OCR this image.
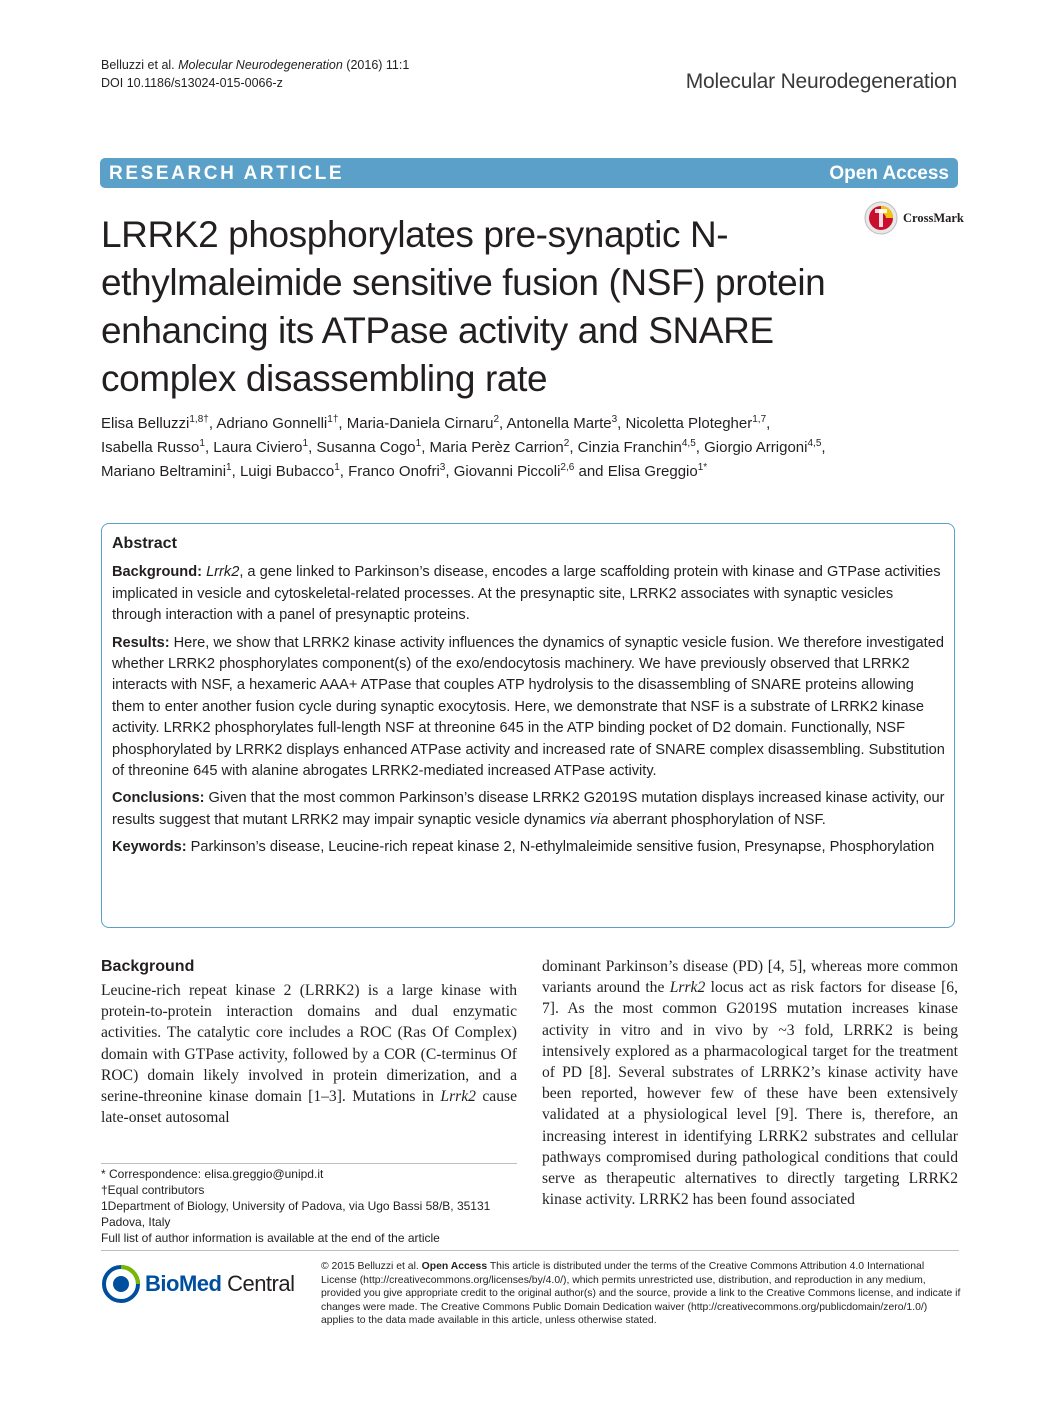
Belluzzi et al. Molecular Neurodegeneration (2016) 11:1
DOI 10.1186/s13024-015-0066-z	Molecular Neurodegeneration
RESEARCH ARTICLE	Open Access
CrossMark
LRRK2 phosphorylates pre-synaptic N-ethylmaleimide sensitive fusion (NSF) protein enhancing its ATPase activity and SNARE complex disassembling rate
Elisa Belluzzi$^{1,8\dagger}$, Adriano Gonnelli$^{1\dagger}$, Maria-Daniela Cirnaru$^2$, Antonella Marte$^3$, Nicoletta Plotegher$^{1,7}$,
Isabella Russo$^1$, Laura Civiero$^1$, Susanna Cogo$^1$, Maria Perèz Carrion$^2$, Cinzia Franchin$^{4,5}$, Giorgio Arrigoni$^{4,5}$,
Mariano Beltramini$^1$, Luigi Bubacco$^1$, Franco Onofri$^3$, Giovanni Piccoli$^{2,6}$ and Elisa Greggio$^{1*}$
Abstract

Background: Lrrk2, a gene linked to Parkinson’s disease, encodes a large scaffolding protein with kinase and GTPase activities implicated in vesicle and cytoskeletal-related processes. At the presynaptic site, LRRK2 associates with synaptic vesicles through interaction with a panel of presynaptic proteins.

Results: Here, we show that LRRK2 kinase activity influences the dynamics of synaptic vesicle fusion. We therefore investigated whether LRRK2 phosphorylates component(s) of the exo/endocytosis machinery. We have previously observed that LRRK2 interacts with NSF, a hexameric AAA+ ATPase that couples ATP hydrolysis to the disassembling of SNARE proteins allowing them to enter another fusion cycle during synaptic exocytosis. Here, we demonstrate that NSF is a substrate of LRRK2 kinase activity. LRRK2 phosphorylates full-length NSF at threonine 645 in the ATP binding pocket of D2 domain. Functionally, NSF phosphorylated by LRRK2 displays enhanced ATPase activity and increased rate of SNARE complex disassembling. Substitution of threonine 645 with alanine abrogates LRRK2-mediated increased ATPase activity.

Conclusions: Given that the most common Parkinson’s disease LRRK2 G2019S mutation displays increased kinase activity, our results suggest that mutant LRRK2 may impair synaptic vesicle dynamics via aberrant phosphorylation of NSF.

Keywords: Parkinson’s disease, Leucine-rich repeat kinase 2, N-ethylmaleimide sensitive fusion, Presynapse, Phosphorylation

Background

Leucine-rich repeat kinase 2 (LRRK2) is a large kinase with protein-to-protein interaction domains and dual enzymatic activities. The catalytic core includes a ROC (Ras Of Complex) domain with GTPase activity, followed by a COR (C-terminus Of ROC) domain likely involved in protein dimerization, and a serine-threonine kinase domain [1–3]. Mutations in Lrrk2 cause late-onset autosomal

dominant Parkinson’s disease (PD) [4, 5], whereas more common variants around the Lrrk2 locus act as risk factors for disease [6, 7]. As the most common G2019S mutation increases kinase activity in vitro and in vivo by ~3 fold, LRRK2 is being intensively explored as a pharmacological target for the treatment of PD [8]. Several substrates of LRRK2’s kinase activity have been reported, however few of these have been extensively validated at a physiological level [9]. There is, therefore, an increasing interest in identifying LRRK2 substrates and cellular pathways compromised during pathological conditions that could serve as therapeutic alternatives to directly targeting LRRK2 kinase activity. LRRK2 has been found associated

* Correspondence: elisa.greggio@unipd.it
†Equal contributors
1Department of Biology, University of Padova, via Ugo Bassi 58/B, 35131 Padova, Italy
Full list of author information is available at the end of the article
BioMed Central
© 2015 Belluzzi et al. Open Access This article is distributed under the terms of the Creative Commons Attribution 4.0 International License (http://creativecommons.org/licenses/by/4.0/), which permits unrestricted use, distribution, and reproduction in any medium, provided you give appropriate credit to the original author(s) and the source, provide a link to the Creative Commons license, and indicate if changes were made. The Creative Commons Public Domain Dedication waiver (http://creativecommons.org/publicdomain/zero/1.0/) applies to the data made available in this article, unless otherwise stated.
